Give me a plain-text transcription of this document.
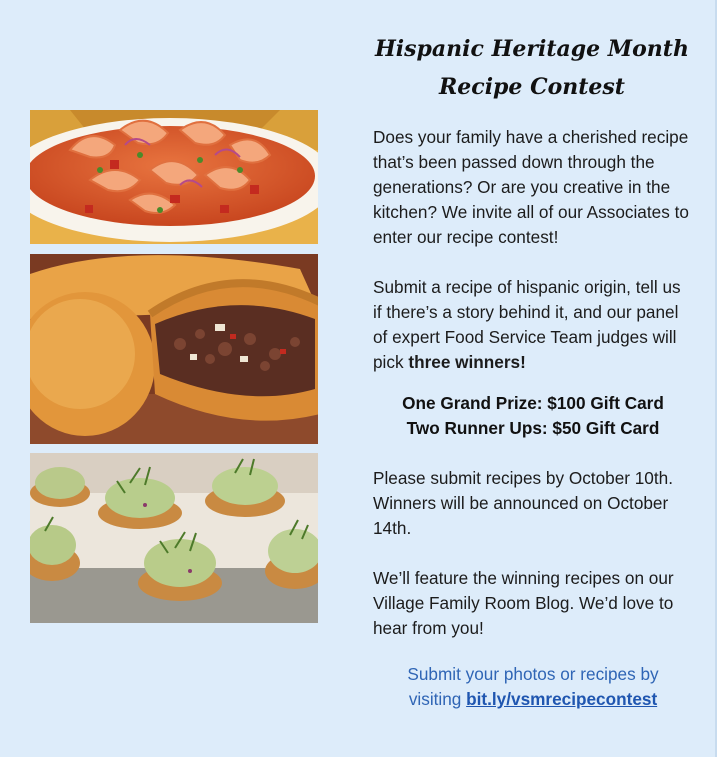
Hispanic Heritage Month
Recipe Contest

Does your family have a cherished recipe that’s been passed down through the generations? Or are you creative in the kitchen? We invite all of our Associates to enter our recipe contest!

Submit a recipe of hispanic origin, tell us if there’s a story behind it, and our panel of expert Food Service Team judges will pick three winners!

One Grand Prize: $100 Gift Card
Two Runner Ups: $50 Gift Card

Please submit recipes by October 10th. Winners will be announced on October 14th.

We’ll feature the winning recipes on our Village Family Room Blog. We’d love to hear from you!

Submit your photos or recipes by
visiting bit.ly/vsmrecipecontest
